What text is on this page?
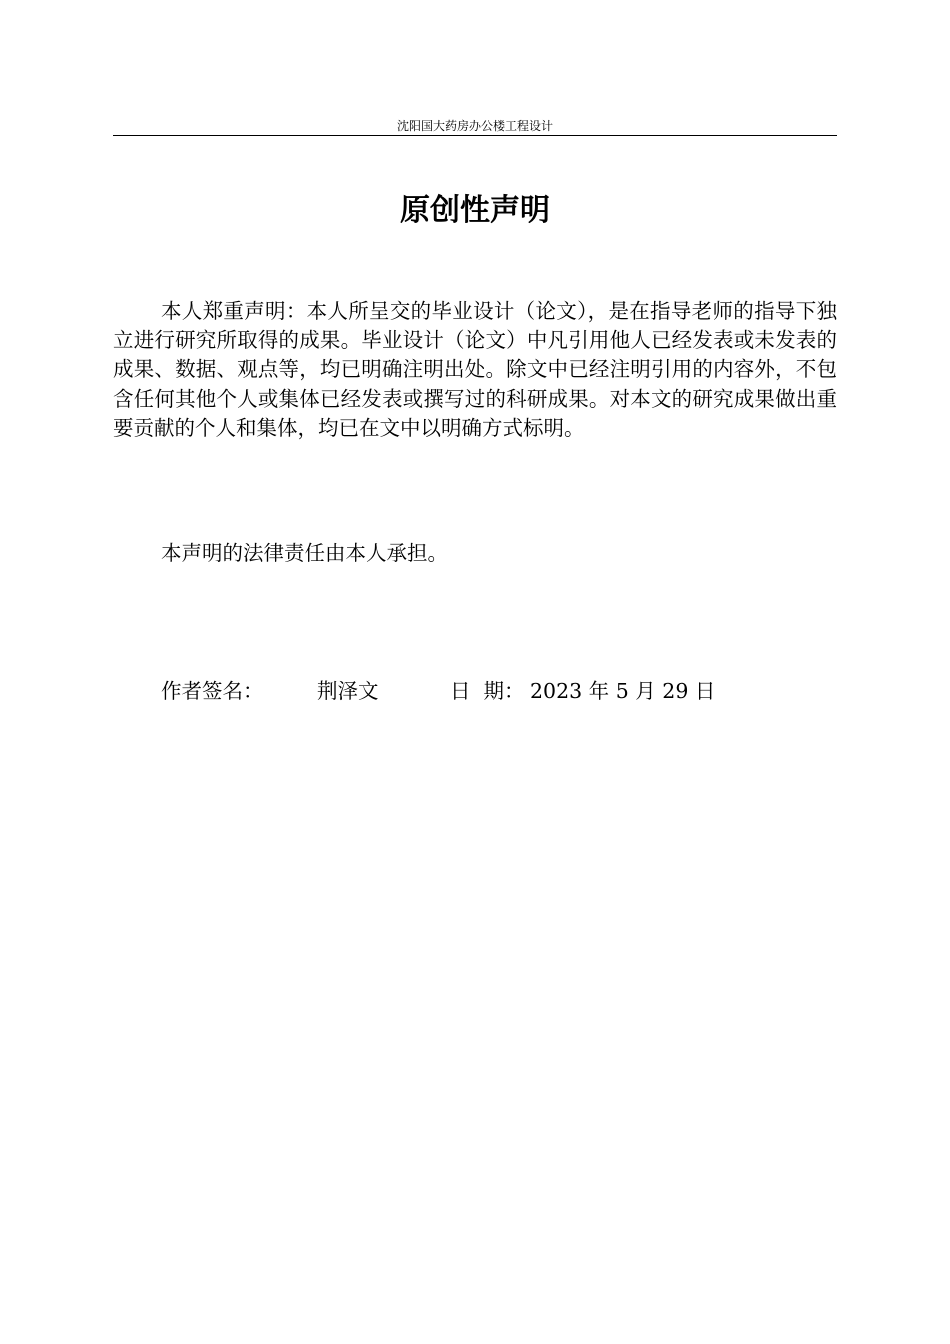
沈阳国大药房办公楼工程设计
原创性声明

本人郑重声明：本人所呈交的毕业设计（论文），是在指导老师的指导下独立进行研究所取得的成果。毕业设计（论文）中凡引用他人已经发表或未发表的成果、数据、观点等，均已明确注明出处。除文中已经注明引用的内容外，不包含任何其他个人或集体已经发表或撰写过的科研成果。对本文的研究成果做出重要贡献的个人和集体，均已在文中以明确方式标明。

本声明的法律责任由本人承担。

作者签名：	荆泽文	日  期： 2023 年 5 月 29 日
